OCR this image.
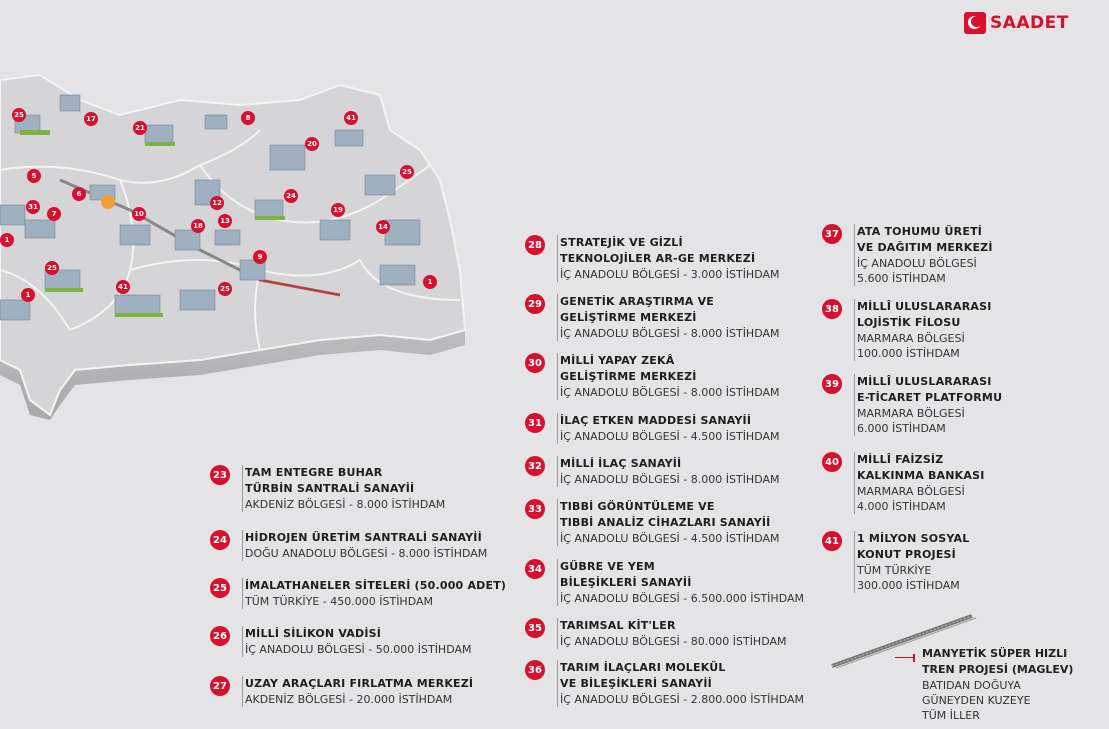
SAADET
25	17
21
8	41
20
25
5
6
31
7	10
12
24
19
13
18	14
1
25
9
1
41	25
1
23 TAM ENTEGRE BUHAR
TÜRBİN SANTRALİ SANAYİİ
AKDENİZ BÖLGESİ - 8.000 İSTİHDAM
24 HİDROJEN ÜRETİM SANTRALİ SANAYİİ
DOĞU ANADOLU BÖLGESİ - 8.000 İSTİHDAM
25 İMALATHANELER SİTELERİ (50.000 ADET)
TÜM TÜRKİYE - 450.000 İSTİHDAM
26 MİLLİ SİLİKON VADİSİ
İÇ ANADOLU BÖLGESİ - 50.000 İSTİHDAM
27 UZAY ARAÇLARI FIRLATMA MERKEZİ
AKDENİZ BÖLGESİ - 20.000 İSTİHDAM
28 STRATEJİK VE GİZLİ
TEKNOLOJİLER AR-GE MERKEZİ
İÇ ANADOLU BÖLGESİ - 3.000 İSTİHDAM
29 GENETİK ARAŞTIRMA VE
GELİŞTİRME MERKEZİ
İÇ ANADOLU BÖLGESİ - 8.000 İSTİHDAM
30 MİLLİ YAPAY ZEKÂ
GELİŞTİRME MERKEZİ
İÇ ANADOLU BÖLGESİ - 8.000 İSTİHDAM
31 İLAÇ ETKEN MADDESİ SANAYİİ
İÇ ANADOLU BÖLGESİ - 4.500 İSTİHDAM
32 MİLLİ İLAÇ SANAYİİ
İÇ ANADOLU BÖLGESİ - 8.000 İSTİHDAM
33 TIBBİ GÖRÜNTÜLEME VE
TIBBİ ANALİZ CİHAZLARI SANAYİİ
İÇ ANADOLU BÖLGESİ - 4.500 İSTİHDAM
34 GÜBRE VE YEM
BİLEŞİKLERİ SANAYİİ
İÇ ANADOLU BÖLGESİ - 6.500.000 İSTİHDAM
35 TARIMSAL KİT'LER
İÇ ANADOLU BÖLGESİ - 80.000 İSTİHDAM
36 TARIM İLAÇLARI MOLEKÜL
VE BİLEŞİKLERİ SANAYİİ
İÇ ANADOLU BÖLGESİ - 2.800.000 İSTİHDAM
37 ATA TOHUMU ÜRETİ
VE DAĞITIM MERKEZİ
İÇ ANADOLU BÖLGESİ
5.600 İSTİHDAM
38 MİLLÎ ULUSLARARASI
LOJİSTİK FİLOSU
MARMARA BÖLGESİ
100.000 İSTİHDAM
39 MİLLÎ ULUSLARARASI
E-TİCARET PLATFORMU
MARMARA BÖLGESİ
6.000 İSTİHDAM
40 MİLLÎ FAİZSİZ
KALKINMA BANKASI
MARMARA BÖLGESİ
4.000 İSTİHDAM
41 1 MİLYON SOSYAL
KONUT PROJESİ
TÜM TÜRKİYE
300.000 İSTİHDAM
MANYETİK SÜPER HIZLI
TREN PROJESİ (MAGLEV)
BATIDAN DOĞUYA
GÜNEYDEN KUZEYE
TÜM İLLER
